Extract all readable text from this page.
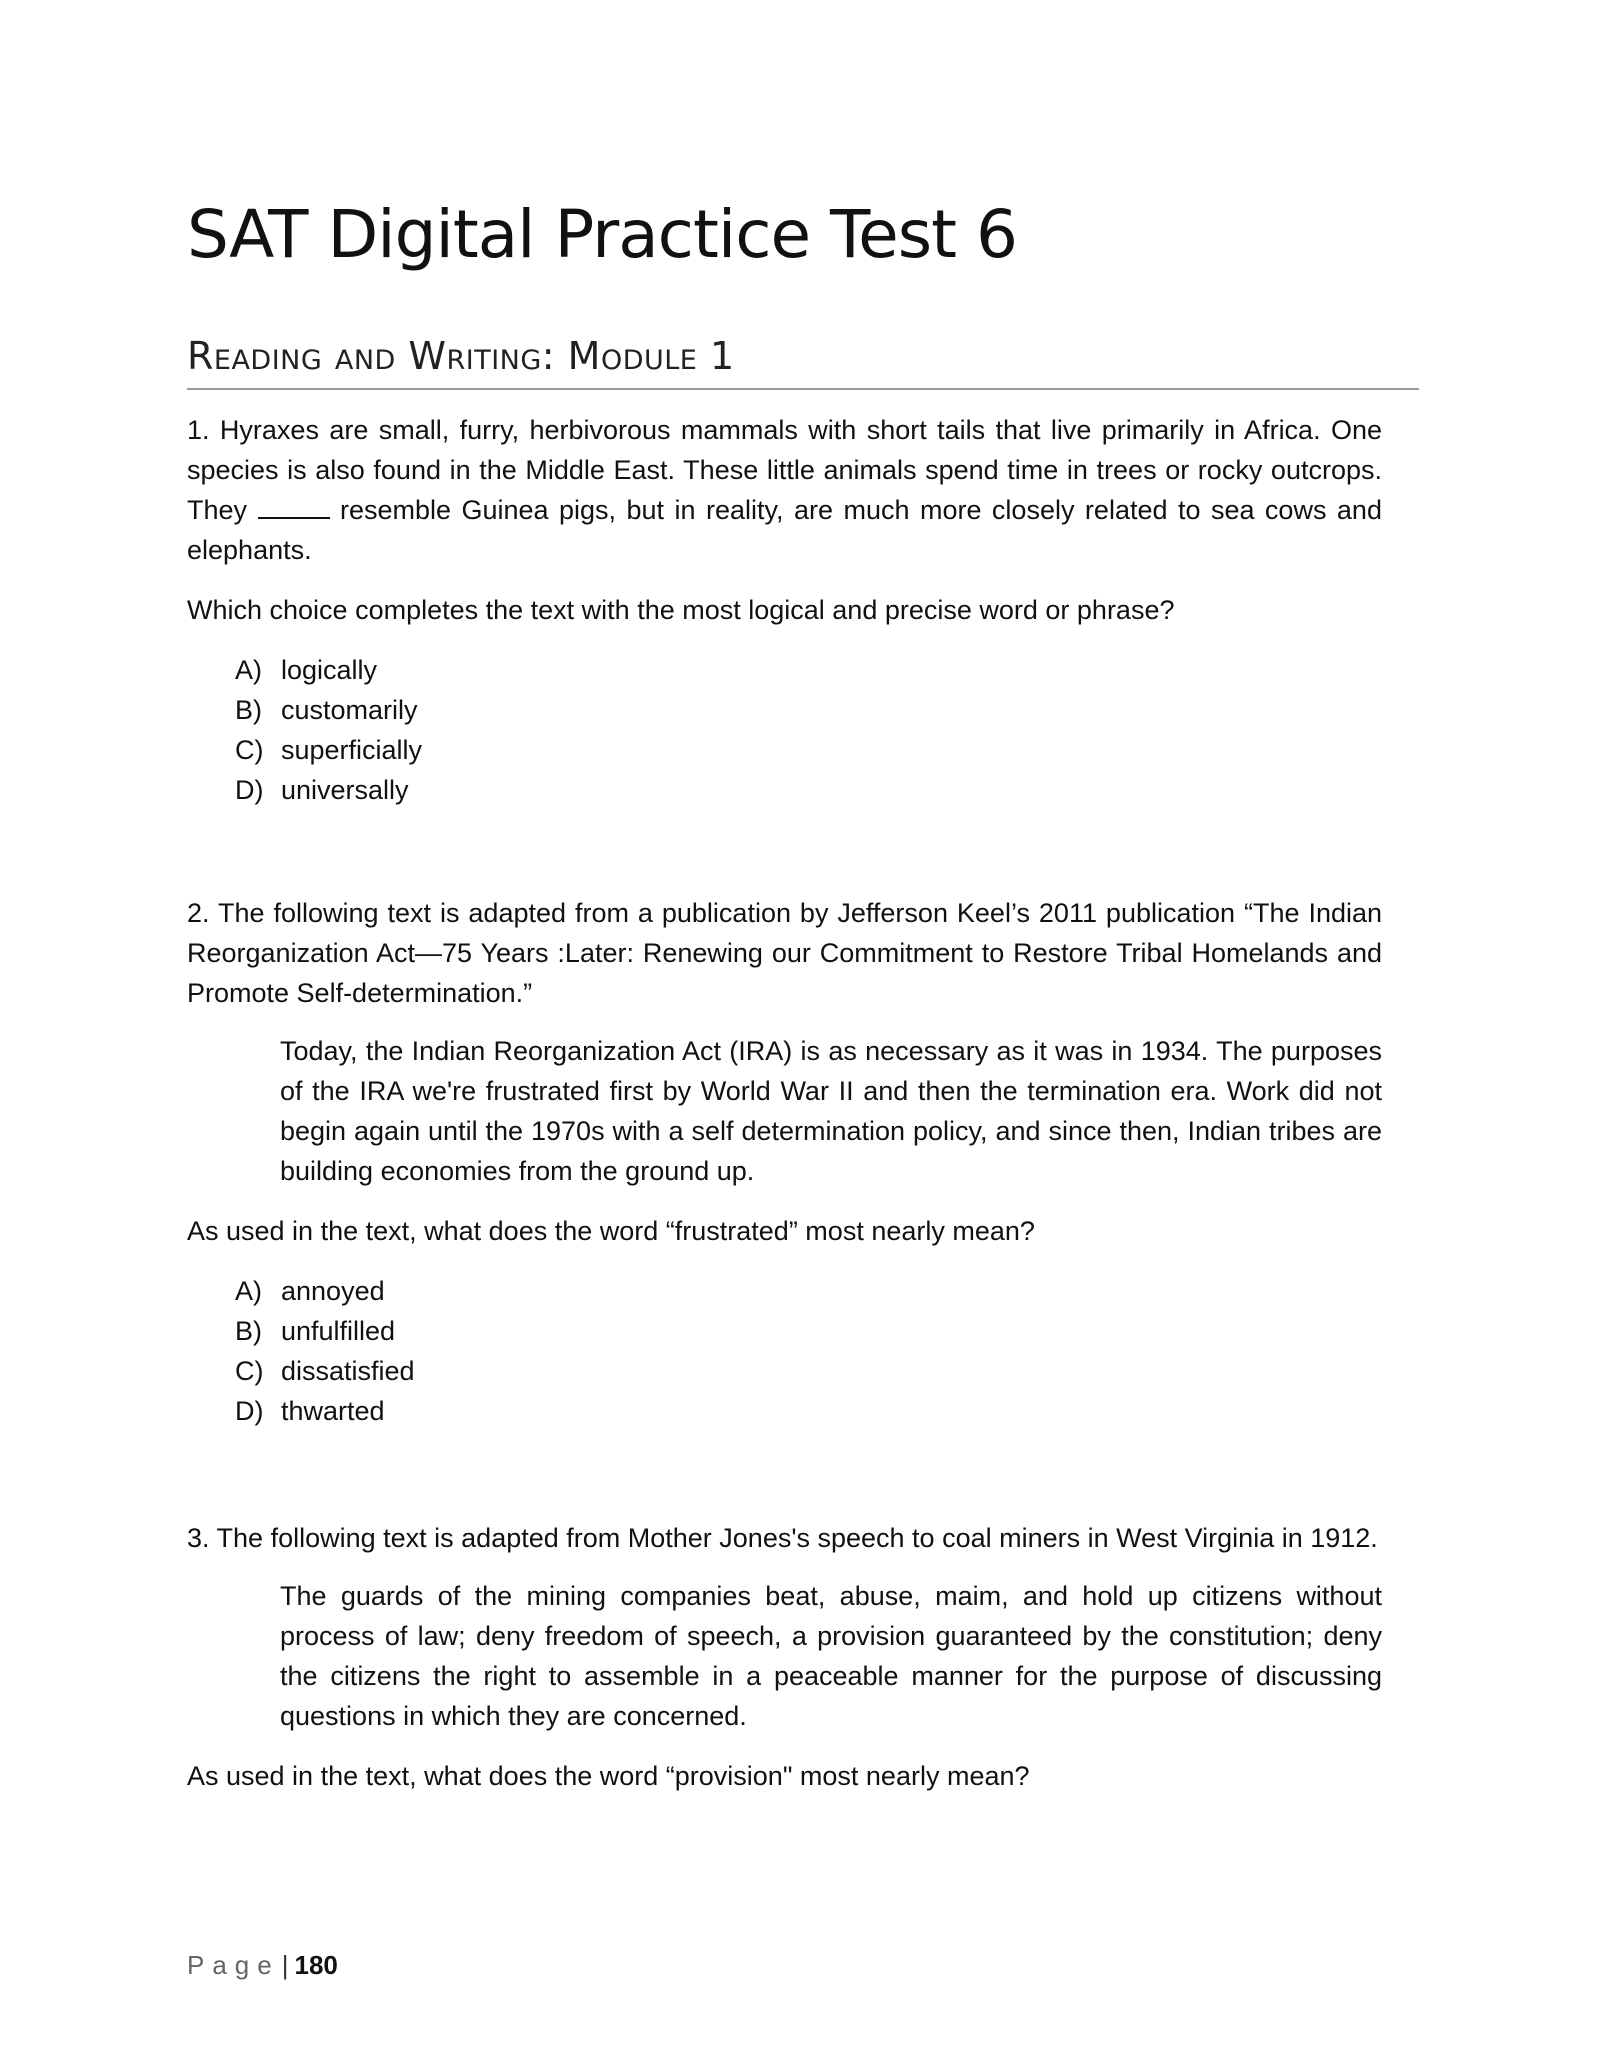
SAT Digital Practice Test 6
Reading and Writing: Module 1

1. Hyraxes are small, furry, herbivorous mammals with short tails that live primarily in Africa. One species is also found in the Middle East. These little animals spend time in trees or rocky outcrops. They	resemble Guinea pigs, but in reality, are much more closely related to sea cows and elephants.

Which choice completes the text with the most logical and precise word or phrase?

A) logically
B) customarily
C) superficially
D) universally

2. The following text is adapted from a publication by Jefferson Keel’s 2011 publication “The Indian Reorganization Act—75 Years :Later: Renewing our Commitment to Restore Tribal Homelands and Promote Self-determination.”

Today, the Indian Reorganization Act (IRA) is as necessary as it was in 1934. The purposes of the IRA we're frustrated first by World War II and then the termination era. Work did not begin again until the 1970s with a self determination policy, and since then, Indian tribes are building economies from the ground up.

As used in the text, what does the word “frustrated” most nearly mean?

A) annoyed
B) unfulfilled
C) dissatisfied
D) thwarted

3. The following text is adapted from Mother Jones's speech to coal miners in West Virginia in 1912.

The guards of the mining companies beat, abuse, maim, and hold up citizens without process of law; deny freedom of speech, a provision guaranteed by the constitution; deny the citizens the right to assemble in a peaceable manner for the purpose of discussing questions in which they are concerned.

As used in the text, what does the word “provision" most nearly mean?

Page| 180
